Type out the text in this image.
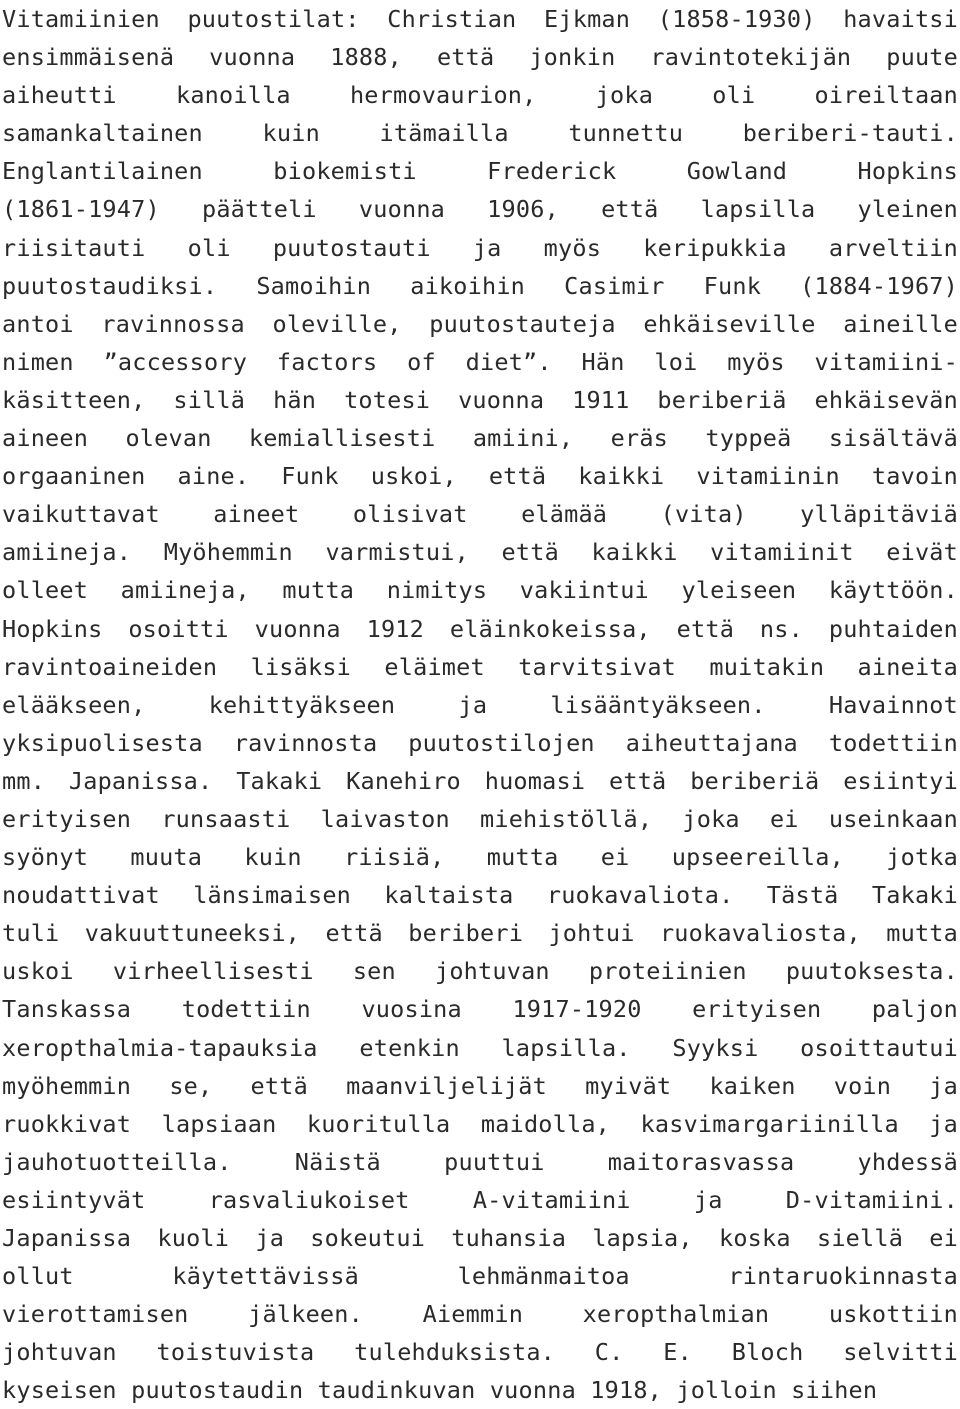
Vitamiinien puutostilat: Christian Ejkman (1858-1930) havaitsi
ensimmäisenä vuonna 1888, että jonkin ravintotekijän puute
aiheutti kanoilla hermovaurion, joka oli oireiltaan
samankaltainen kuin itämailla tunnettu beriberi-tauti.
Englantilainen biokemisti Frederick Gowland Hopkins
(1861-1947) päätteli vuonna 1906, että lapsilla yleinen
riisitauti oli puutostauti ja myös keripukkia arveltiin
puutostaudiksi. Samoihin aikoihin Casimir Funk (1884-1967)
antoi ravinnossa oleville, puutostauteja ehkäiseville aineille
nimen ”accessory factors of diet”. Hän loi myös vitamiini-
käsitteen, sillä hän totesi vuonna 1911 beriberiä ehkäisevän
aineen olevan kemiallisesti amiini, eräs typpeä sisältävä
orgaaninen aine. Funk uskoi, että kaikki vitamiinin tavoin
vaikuttavat aineet olisivat elämää (vita) ylläpitäviä
amiineja. Myöhemmin varmistui, että kaikki vitamiinit eivät
olleet amiineja, mutta nimitys vakiintui yleiseen käyttöön.
Hopkins osoitti vuonna 1912 eläinkokeissa, että ns. puhtaiden
ravintoaineiden lisäksi eläimet tarvitsivat muitakin aineita
elääkseen, kehittyäkseen ja lisääntyäkseen. Havainnot
yksipuolisesta ravinnosta puutostilojen aiheuttajana todettiin
mm. Japanissa. Takaki Kanehiro huomasi että beriberiä esiintyi
erityisen runsaasti laivaston miehistöllä, joka ei useinkaan
syönyt muuta kuin riisiä, mutta ei upseereilla, jotka
noudattivat länsimaisen kaltaista ruokavaliota. Tästä Takaki
tuli vakuuttuneeksi, että beriberi johtui ruokavaliosta, mutta
uskoi virheellisesti sen johtuvan proteiinien puutoksesta.
Tanskassa todettiin vuosina 1917-1920 erityisen paljon
xeropthalmia-tapauksia etenkin lapsilla. Syyksi osoittautui
myöhemmin se, että maanviljelijät myivät kaiken voin ja
ruokkivat lapsiaan kuoritulla maidolla, kasvimargariinilla ja
jauhotuotteilla. Näistä puuttui maitorasvassa yhdessä
esiintyvät rasvaliukoiset A-vitamiini ja D-vitamiini.
Japanissa kuoli ja sokeutui tuhansia lapsia, koska siellä ei
ollut käytettävissä lehmänmaitoa rintaruokinnasta
vierottamisen jälkeen. Aiemmin xeropthalmian uskottiin
johtuvan toistuvista tulehduksista. C. E. Bloch selvitti
kyseisen puutostaudin taudinkuvan vuonna 1918, jolloin siihen
